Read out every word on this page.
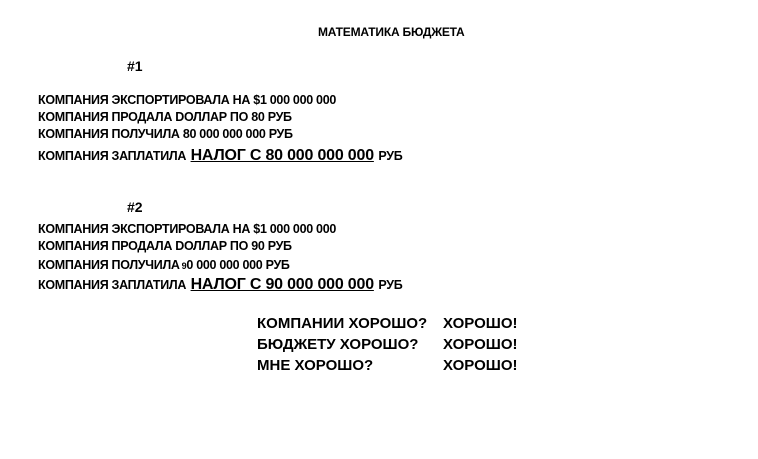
МАТЕМАТИКА БЮДЖЕТА
#1
КОМПАНИЯ ЭКСПОРТИРОВАЛА НА $1 000 000 000
КОМПАНИЯ ПРОДАЛА DОЛЛАР ПО 80 РУБ
КОМПАНИЯ ПОЛУЧИЛА 80 000 000 000 РУБ
КОМПАНИЯ ЗАПЛАТИЛА НАЛОГ С 80 000 000 000 РУБ
#2
КОМПАНИЯ ЭКСПОРТИРОВАЛА НА $1 000 000 000
КОМПАНИЯ ПРОДАЛА DОЛЛАР ПО 90 РУБ
КОМПАНИЯ ПОЛУЧИЛА 90 000 000 000 РУБ
КОМПАНИЯ ЗАПЛАТИЛА НАЛОГ С 90 000 000 000 РУБ
КОМПАНИИ ХОРОШО? ХОРОШО!
БЮДЖЕТУ ХОРОШО? ХОРОШО!
МНЕ ХОРОШО?	ХОРОШО!
